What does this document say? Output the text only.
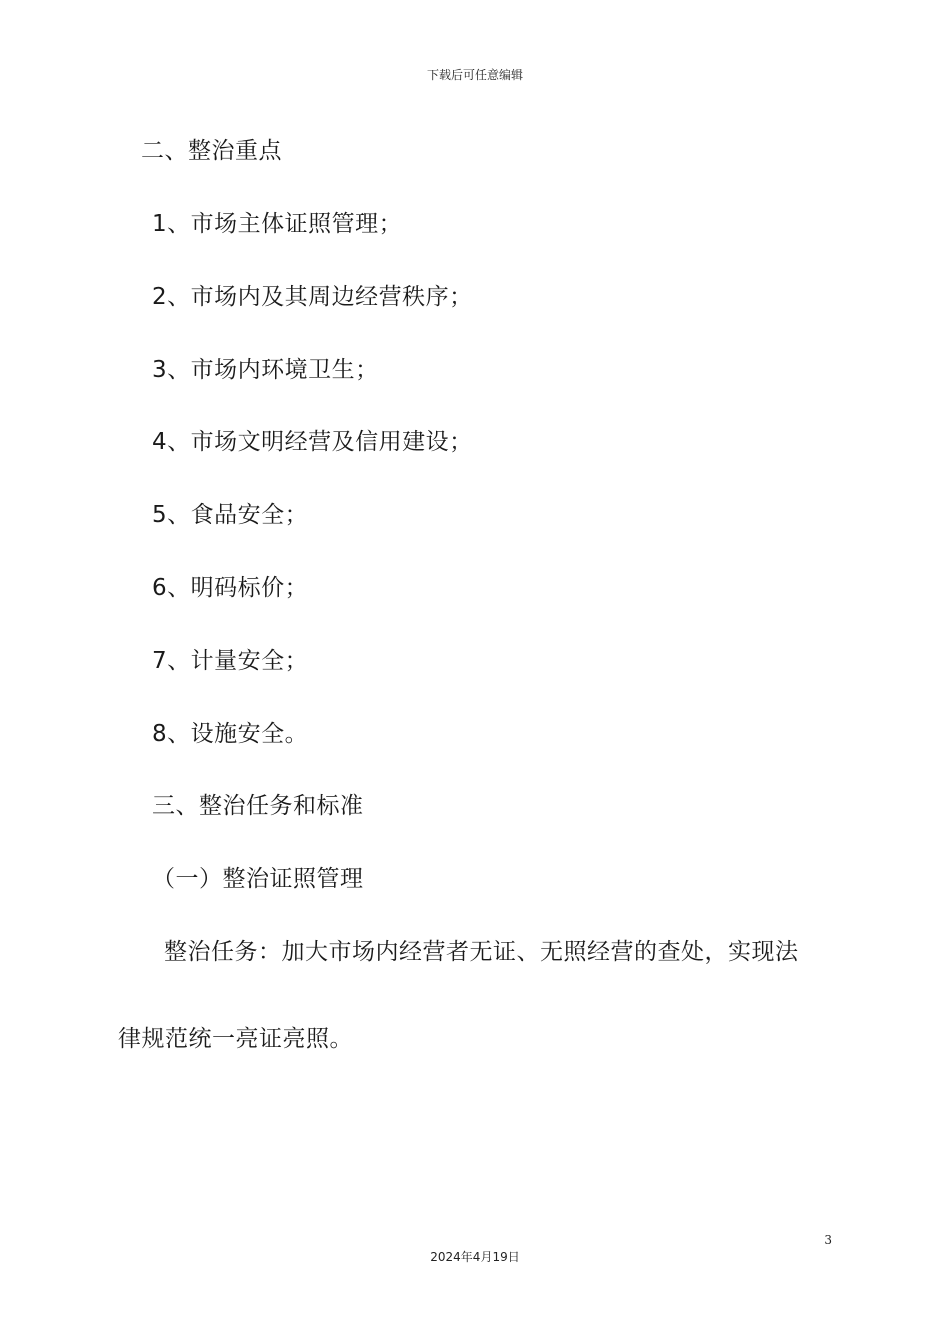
下载后可任意编辑
二、整治重点
1、市场主体证照管理；
2、市场内及其周边经营秩序；
3、市场内环境卫生；
4、市场文明经营及信用建设；
5、食品安全；
6、明码标价；
7、计量安全；
8、设施安全。
三、整治任务和标准
（一）整治证照管理
整治任务：加大市场内经营者无证、无照经营的查处，实现法
律规范统一亮证亮照。
3
2024年4月19日
